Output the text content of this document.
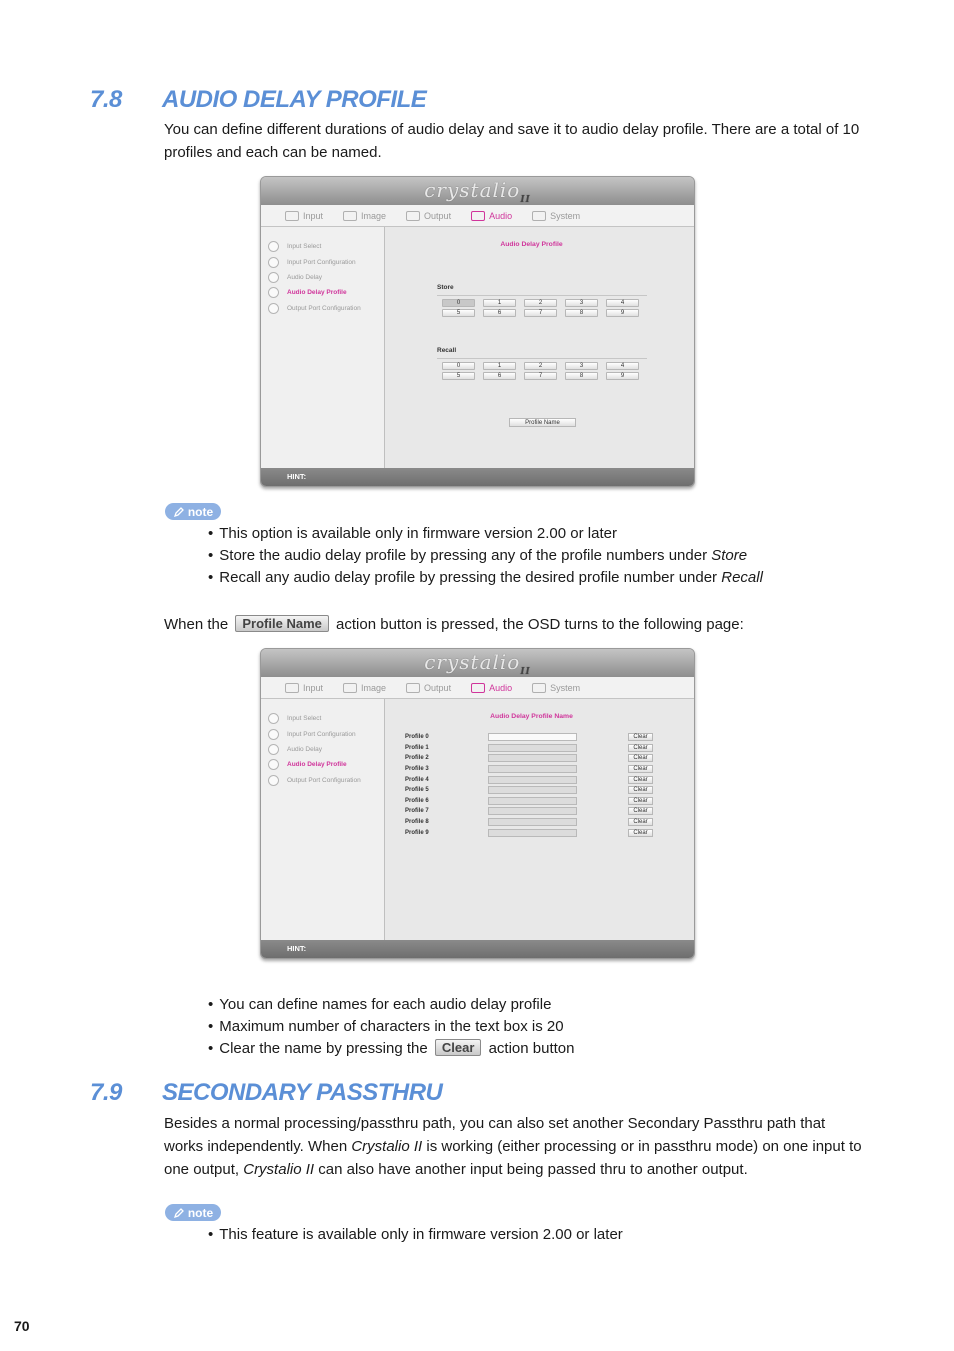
7.8	AUDIO DELAY PROFILE

You can define different durations of audio delay and save it to audio delay profile. There are a total of 10 profiles and each can be named.

crystalio$_{II}$
Input	Image	Output	Audio	System
Input Select
Input Port Configuration
Audio Delay
Audio Delay Profile
Output Port Configuration
Audio Delay Profile
Store
0	1	2	3	4
5	6	7	8	9
Recall
0	1	2	3	4
5	6	7	8	9
Profile Name
HINT:
note
• This option is available only in firmware version 2.00 or later
• Store the audio delay profile by pressing any of the profile numbers under Store
• Recall any audio delay profile by pressing the desired profile number under Recall

When the Profile Name action button is pressed, the OSD turns to the following page:

crystalio$_{II}$
Input	Image	Output	Audio	System
Input Select
Input Port Configuration
Audio Delay
Audio Delay Profile
Output Port Configuration
Audio Delay Profile Name
Profile 0	Clear
Profile 1	Clear
Profile 2	Clear
Profile 3	Clear
Profile 4	Clear
Profile 5	Clear
Profile 6	Clear
Profile 7	Clear
Profile 8	Clear
Profile 9	Clear
HINT:
• You can define names for each audio delay profile
• Maximum number of characters in the text box is 20
• Clear the name by pressing the Clear action button
7.9	SECONDARY PASSTHRU

Besides a normal processing/passthru path, you can also set another Secondary Passthru path that works independently. When Crystalio II is working (either processing or in passthru mode) on one input to one output, Crystalio II can also have another input being passed thru to another output.

note
• This feature is available only in firmware version 2.00 or later
70
